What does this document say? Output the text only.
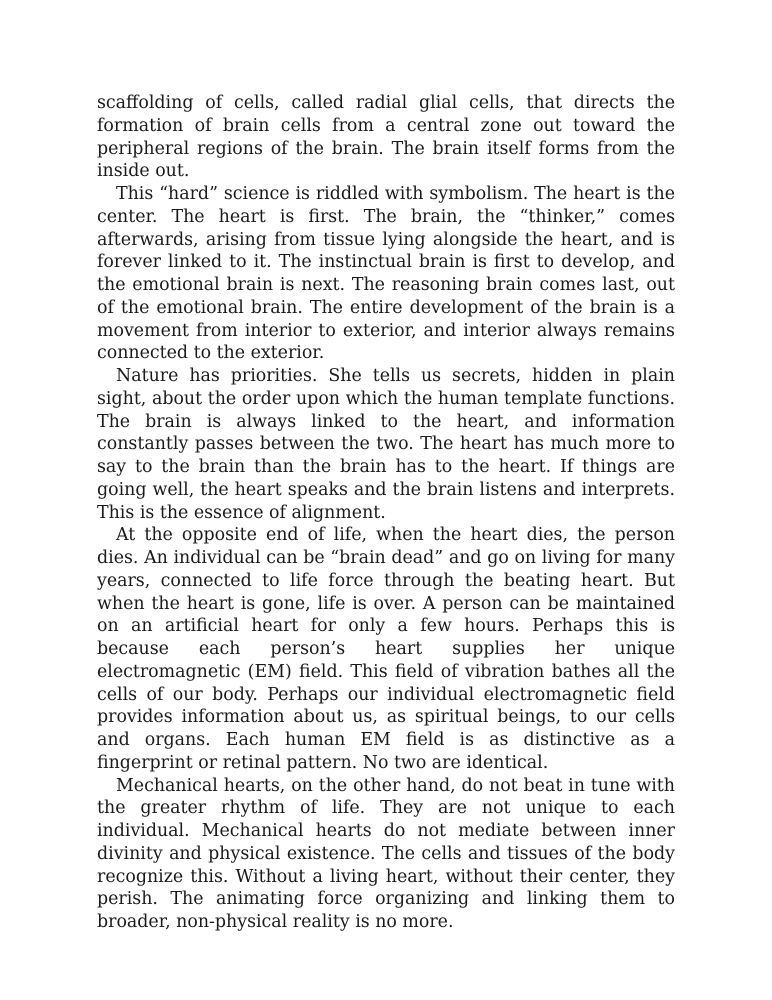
scaffolding of cells, called radial glial cells, that directs the formation of brain cells from a central zone out toward the peripheral regions of the brain. The brain itself forms from the inside out.

This “hard” science is riddled with symbolism. The heart is the center. The heart is first. The brain, the “thinker,” comes afterwards, arising from tissue lying alongside the heart, and is forever linked to it. The instinctual brain is first to develop, and the emotional brain is next. The reasoning brain comes last, out of the emotional brain. The entire development of the brain is a movement from interior to exterior, and interior always remains connected to the exterior.

Nature has priorities. She tells us secrets, hidden in plain sight, about the order upon which the human template functions. The brain is always linked to the heart, and information constantly passes between the two. The heart has much more to say to the brain than the brain has to the heart. If things are going well, the heart speaks and the brain listens and interprets. This is the essence of alignment.

At the opposite end of life, when the heart dies, the person dies. An individual can be “brain dead” and go on living for many years, connected to life force through the beating heart. But when the heart is gone, life is over. A person can be maintained on an artificial heart for only a few hours. Perhaps this is because each person’s heart supplies her unique electromagnetic (EM) field. This field of vibration bathes all the cells of our body. Perhaps our individual electromagnetic field provides information about us, as spiritual beings, to our cells and organs. Each human EM field is as distinctive as a fingerprint or retinal pattern. No two are identical.

Mechanical hearts, on the other hand, do not beat in tune with the greater rhythm of life. They are not unique to each individual. Mechanical hearts do not mediate between inner divinity and physical existence. The cells and tissues of the body recognize this. Without a living heart, without their center, they perish. The animating force organizing and linking them to broader, non-physical reality is no more.
